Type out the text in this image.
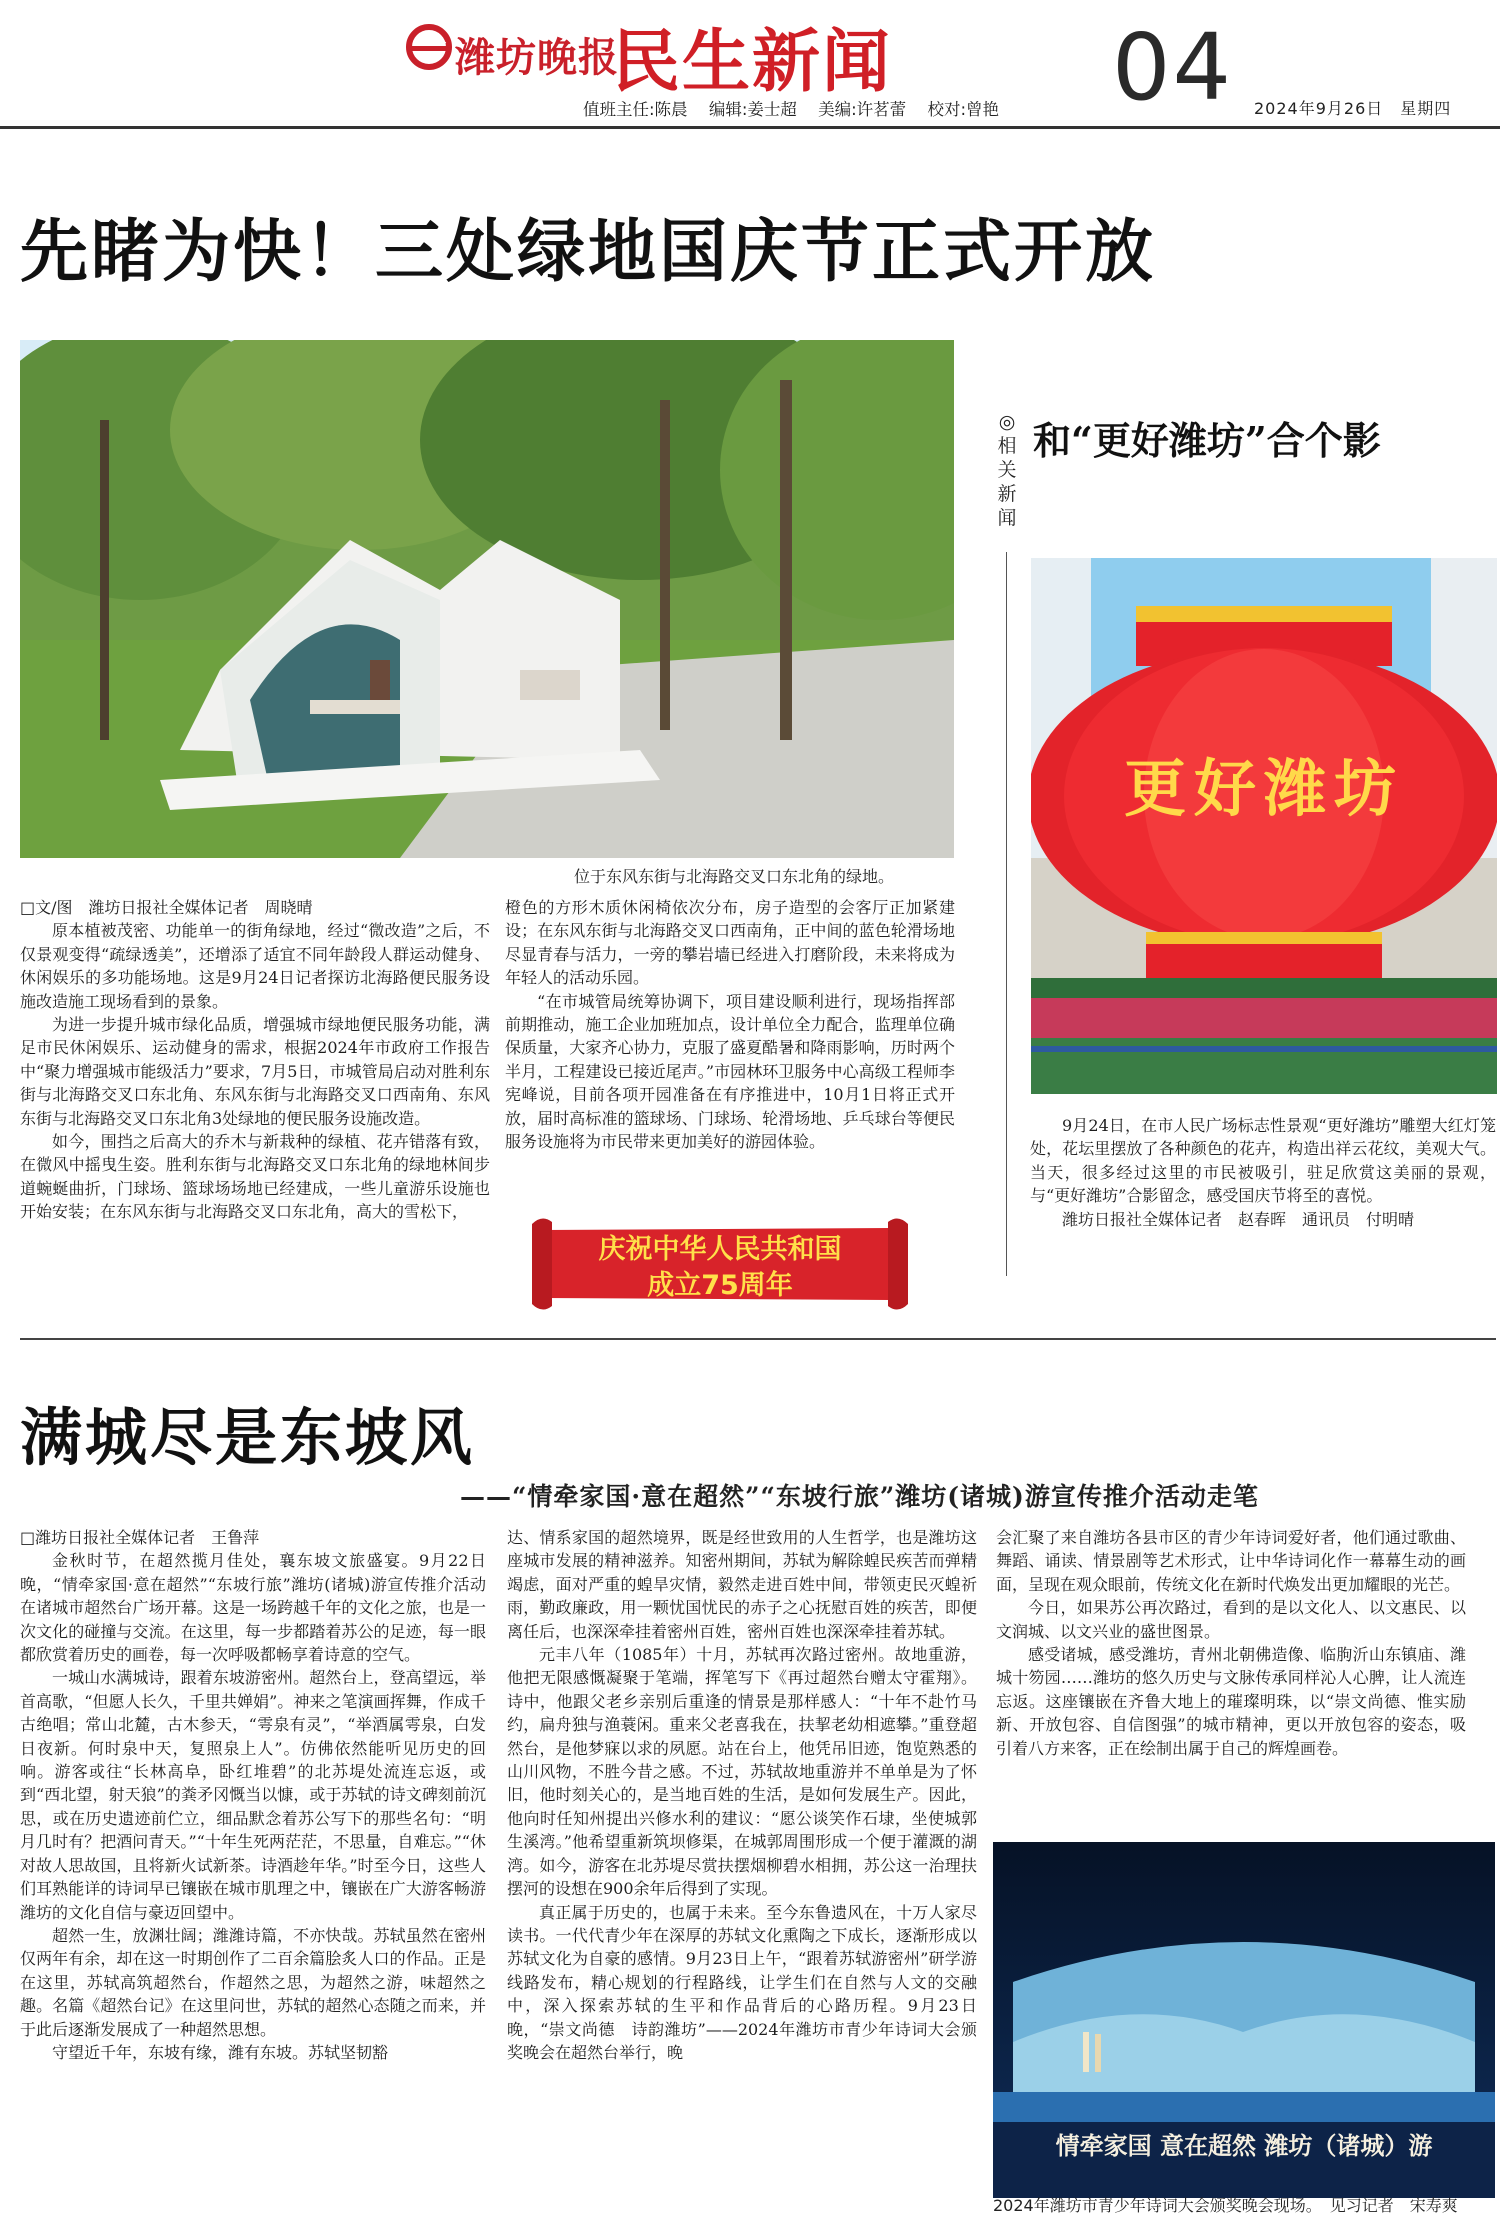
潍坊晚报
民生新闻 04
值班主任:陈晨 编辑:姜士超 美编:许茗蕾 校对:曾艳	2024年9月26日　星期四
先睹为快！三处绿地国庆节正式开放
位于东风东街与北海路交叉口东北角的绿地。

□文/图　潍坊日报社全媒体记者　周晓晴

原本植被茂密、功能单一的街角绿地，经过“微改造”之后，不仅景观变得“疏绿透美”，还增添了适宜不同年龄段人群运动健身、休闲娱乐的多功能场地。这是9月24日记者探访北海路便民服务设施改造施工现场看到的景象。

为进一步提升城市绿化品质，增强城市绿地便民服务功能，满足市民休闲娱乐、运动健身的需求，根据2024年市政府工作报告中“聚力增强城市能级活力”要求，7月5日，市城管局启动对胜利东街与北海路交叉口东北角、东风东街与北海路交叉口西南角、东风东街与北海路交叉口东北角3处绿地的便民服务设施改造。

如今，围挡之后高大的乔木与新栽种的绿植、花卉错落有致，在微风中摇曳生姿。胜利东街与北海路交叉口东北角的绿地林间步道蜿蜒曲折，门球场、篮球场场地已经建成，一些儿童游乐设施也开始安装；在东风东街与北海路交叉口东北角，高大的雪松下，

橙色的方形木质休闲椅依次分布，房子造型的会客厅正加紧建设；在东风东街与北海路交叉口西南角，正中间的蓝色轮滑场地尽显青春与活力，一旁的攀岩墙已经进入打磨阶段，未来将成为年轻人的活动乐园。

“在市城管局统筹协调下，项目建设顺利进行，现场指挥部前期推动，施工企业加班加点，设计单位全力配合，监理单位确保质量，大家齐心协力，克服了盛夏酷暑和降雨影响，历时两个半月，工程建设已接近尾声。”市园林环卫服务中心高级工程师李宪峰说，目前各项开园准备在有序推进中，10月1日将正式开放，届时高标准的篮球场、门球场、轮滑场地、乒乓球台等便民服务设施将为市民带来更加美好的游园体验。

庆祝中华人民共和国
成立75周年
◎相关新闻
和“更好潍坊”合个影
更好潍坊

9月24日，在市人民广场标志性景观“更好潍坊”雕塑大红灯笼处，花坛里摆放了各种颜色的花卉，构造出祥云花纹，美观大气。当天，很多经过这里的市民被吸引，驻足欣赏这美丽的景观，与“更好潍坊”合影留念，感受国庆节将至的喜悦。

潍坊日报社全媒体记者　赵春晖　通讯员　付明晴

满城尽是东坡风
——“情牵家国·意在超然”“东坡行旅”潍坊(诸城)游宣传推介活动走笔

□潍坊日报社全媒体记者　王鲁萍

金秋时节，在超然揽月佳处，襄东坡文旅盛宴。9月22日晚，“情牵家国·意在超然”“东坡行旅”潍坊(诸城)游宣传推介活动在诸城市超然台广场开幕。这是一场跨越千年的文化之旅，也是一次文化的碰撞与交流。在这里，每一步都踏着苏公的足迹，每一眼都欣赏着历史的画卷，每一次呼吸都畅享着诗意的空气。

一城山水满城诗，跟着东坡游密州。超然台上，登高望远，举首高歌，“但愿人长久，千里共婵娟”。神来之笔演画挥舞，作成千古绝唱；常山北麓，古木参天，“雩泉有灵”，“举酒属雩泉，白发日夜新。何时泉中天，复照泉上人”。仿佛依然能听见历史的回响。游客或往“长林高阜，卧红堆碧”的北苏堤处流连忘返，或到“西北望，射天狼”的粪矛冈慨当以慷，或于苏轼的诗文碑刻前沉思，或在历史遗迹前伫立，细品默念着苏公写下的那些名句：“明月几时有？把酒问青天。”“十年生死两茫茫，不思量，自难忘。”“休对故人思故国，且将新火试新茶。诗酒趁年华。”时至今日，这些人们耳熟能详的诗词早已镶嵌在城市肌理之中，镶嵌在广大游客畅游潍坊的文化自信与豪迈回望中。

超然一生，放渊壮阔；潍潍诗篇，不亦快哉。苏轼虽然在密州仅两年有余，却在这一时期创作了二百余篇脍炙人口的作品。正是在这里，苏轼高筑超然台，作超然之思，为超然之游，味超然之趣。名篇《超然台记》在这里问世，苏轼的超然心态随之而来，并于此后逐渐发展成了一种超然思想。

守望近千年，东坡有缘，潍有东坡。苏轼坚韧豁

达、情系家国的超然境界，既是经世致用的人生哲学，也是潍坊这座城市发展的精神滋养。知密州期间，苏轼为解除蝗民疾苦而弹精竭虑，面对严重的蝗旱灾情，毅然走进百姓中间，带领吏民灭蝗祈雨，勤政廉政，用一颗忧国忧民的赤子之心抚慰百姓的疾苦，即便离任后，也深深牵挂着密州百姓，密州百姓也深深牵挂着苏轼。

元丰八年（1085年）十月，苏轼再次路过密州。故地重游，他把无限感慨凝聚于笔端，挥笔写下《再过超然台赠太守霍翔》。诗中，他跟父老乡亲别后重逢的情景是那样感人：“十年不赴竹马约，扁舟独与渔蓑闲。重来父老喜我在，扶挈老幼相遮攀。”重登超然台，是他梦寐以求的夙愿。站在台上，他凭吊旧迹，饱览熟悉的山川风物，不胜今昔之感。不过，苏轼故地重游并不单单是为了怀旧，他时刻关心的，是当地百姓的生活，是如何发展生产。因此，他向时任知州提出兴修水利的建议：“愿公谈笑作石埭，坐使城郭生溪湾。”他希望重新筑坝修渠，在城郭周围形成一个便于灌溉的湖湾。如今，游客在北苏堤尽赏扶摆烟柳碧水相拥，苏公这一治理扶摆河的设想在900余年后得到了实现。

真正属于历史的，也属于未来。至今东鲁遗风在，十万人家尽读书。一代代青少年在深厚的苏轼文化熏陶之下成长，逐渐形成以苏轼文化为自豪的感情。9月23日上午，“跟着苏轼游密州”研学游线路发布，精心规划的行程路线，让学生们在自然与人文的交融中，深入探索苏轼的生平和作品背后的心路历程。9月23日晚，“崇文尚德　诗韵潍坊”——2024年潍坊市青少年诗词大会颁奖晚会在超然台举行，晚

会汇聚了来自潍坊各县市区的青少年诗词爱好者，他们通过歌曲、舞蹈、诵读、情景剧等艺术形式，让中华诗词化作一幕幕生动的画面，呈现在观众眼前，传统文化在新时代焕发出更加耀眼的光芒。

今日，如果苏公再次路过，看到的是以文化人、以文惠民、以文润城、以文兴业的盛世图景。

感受诸城，感受潍坊，青州北朝佛造像、临朐沂山东镇庙、潍城十笏园……潍坊的悠久历史与文脉传承同样沁人心脾，让人流连忘返。这座镶嵌在齐鲁大地上的璀璨明珠，以“崇文尚德、惟实励新、开放包容、自信图强”的城市精神，更以开放包容的姿态，吸引着八方来客，正在绘制出属于自己的辉煌画卷。

情牵家国 意在超然 潍坊（诸城）游
2024年潍坊市青少年诗词大会颁奖晚会现场。　见习记者　宋寿爽
